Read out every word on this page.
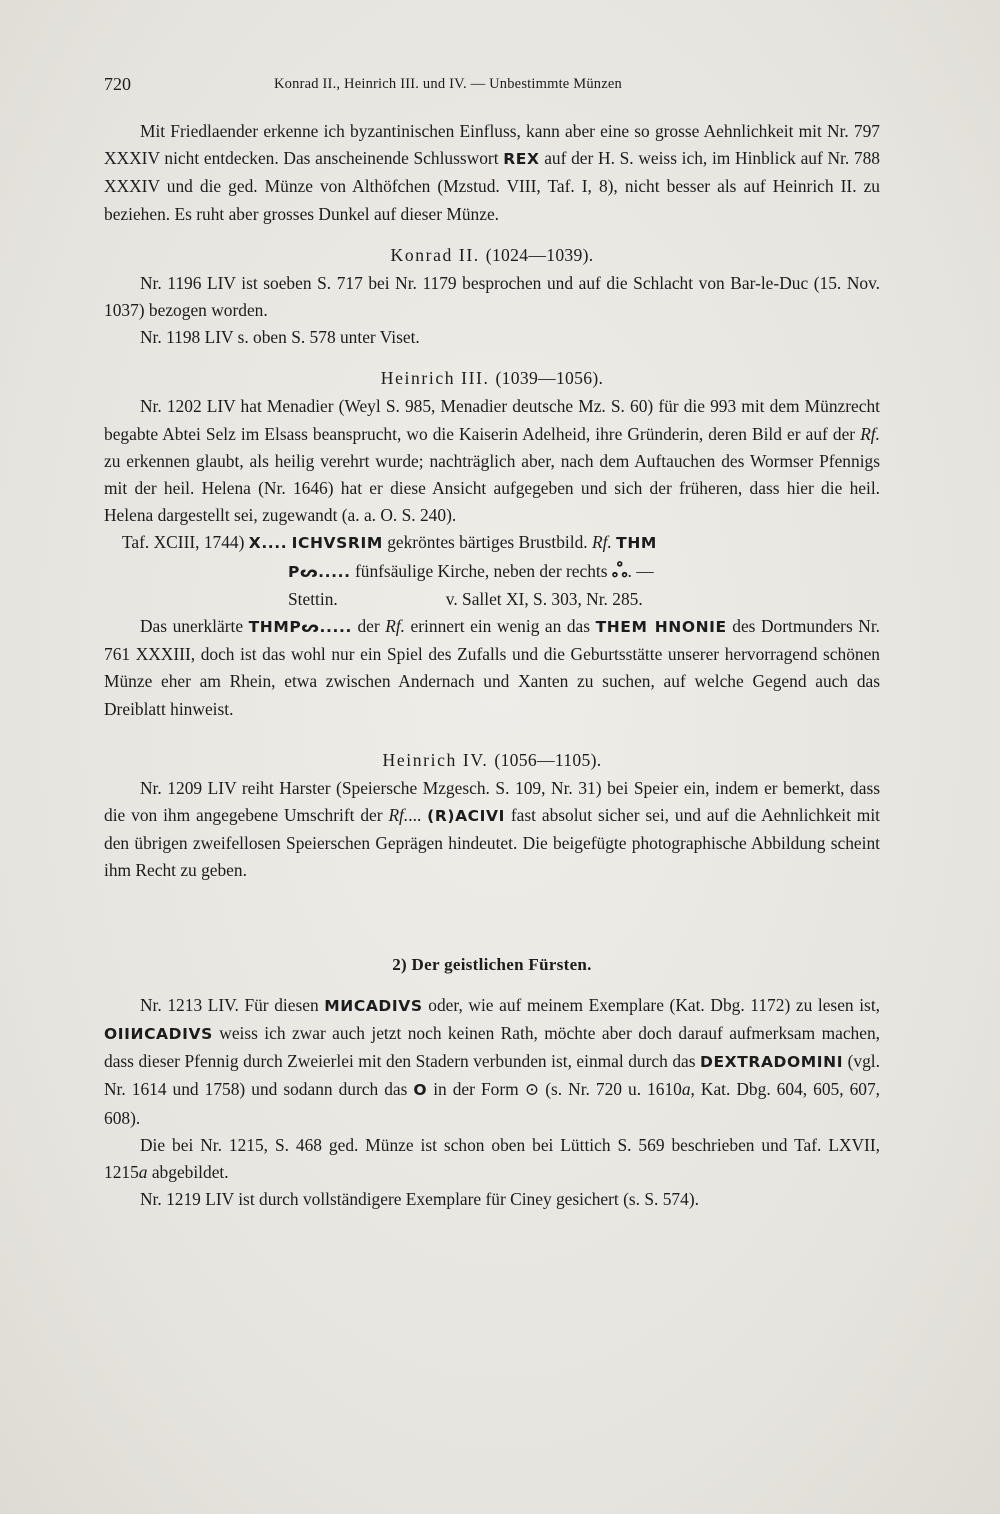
720	Konrad II., Heinrich III. und IV. — Unbestimmte Münzen

Mit Friedlaender erkenne ich byzantinischen Einfluss, kann aber eine so grosse Aehnlichkeit mit Nr. 797 XXXIV nicht entdecken. Das anscheinende Schlusswort REX auf der H. S. weiss ich, im Hinblick auf Nr. 788 XXXIV und die ged. Münze von Althöfchen (Mzstud. VIII, Taf. I, 8), nicht besser als auf Heinrich II. zu beziehen. Es ruht aber grosses Dunkel auf dieser Münze.

Konrad II. (1024—1039).

Nr. 1196 LIV ist soeben S. 717 bei Nr. 1179 besprochen und auf die Schlacht von Bar-le-Duc (15. Nov. 1037) bezogen worden.

Nr. 1198 LIV s. oben S. 578 unter Viset.

Heinrich III. (1039—1056).

Nr. 1202 LIV hat Menadier (Weyl S. 985, Menadier deutsche Mz. S. 60) für die 993 mit dem Münzrecht begabte Abtei Selz im Elsass beansprucht, wo die Kaiserin Adelheid, ihre Gründerin, deren Bild er auf der Rf. zu erkennen glaubt, als heilig verehrt wurde; nachträglich aber, nach dem Auftauchen des Wormser Pfennigs mit der heil. Helena (Nr. 1646) hat er diese Ansicht aufgegeben und sich der früheren, dass hier die heil. Helena dargestellt sei, zugewandt (a. a. O. S. 240).

Taf. XCIII, 1744) X.... ICHVSRIM gekröntes bärtiges Brustbild. Rf. THM

Pᔕ..... fünfsäulige Kirche, neben der rechts ஃ. —

Stettin.	v. Sallet XI, S. 303, Nr. 285.

Das unerklärte THMPᔕ..... der Rf. erinnert ein wenig an das THEM HNONIE des Dortmunders Nr. 761 XXXIII, doch ist das wohl nur ein Spiel des Zufalls und die Geburtsstätte unserer hervorragend schönen Münze eher am Rhein, etwa zwischen Andernach und Xanten zu suchen, auf welche Gegend auch das Dreiblatt hinweist.

Heinrich IV. (1056—1105).

Nr. 1209 LIV reiht Harster (Speiersche Mzgesch. S. 109, Nr. 31) bei Speier ein, indem er bemerkt, dass die von ihm angegebene Umschrift der Rf.... (R)ACIVI fast absolut sicher sei, und auf die Aehnlichkeit mit den übrigen zweifellosen Speierschen Geprägen hindeutet. Die beigefügte photographische Abbildung scheint ihm Recht zu geben.

2) Der geistlichen Fürsten.

Nr. 1213 LIV. Für diesen MИCADIVS oder, wie auf meinem Exemplare (Kat. Dbg. 1172) zu lesen ist, OIIИCADIVS weiss ich zwar auch jetzt noch keinen Rath, möchte aber doch darauf aufmerksam machen, dass dieser Pfennig durch Zweierlei mit den Stadern verbunden ist, einmal durch das DEXTRADOMINI (vgl. Nr. 1614 und 1758) und sodann durch das O in der Form ⊙ (s. Nr. 720 u. 1610a, Kat. Dbg. 604, 605, 607, 608).

Die bei Nr. 1215, S. 468 ged. Münze ist schon oben bei Lüttich S. 569 beschrieben und Taf. LXVII, 1215a abgebildet.

Nr. 1219 LIV ist durch vollständigere Exemplare für Ciney gesichert (s. S. 574).
